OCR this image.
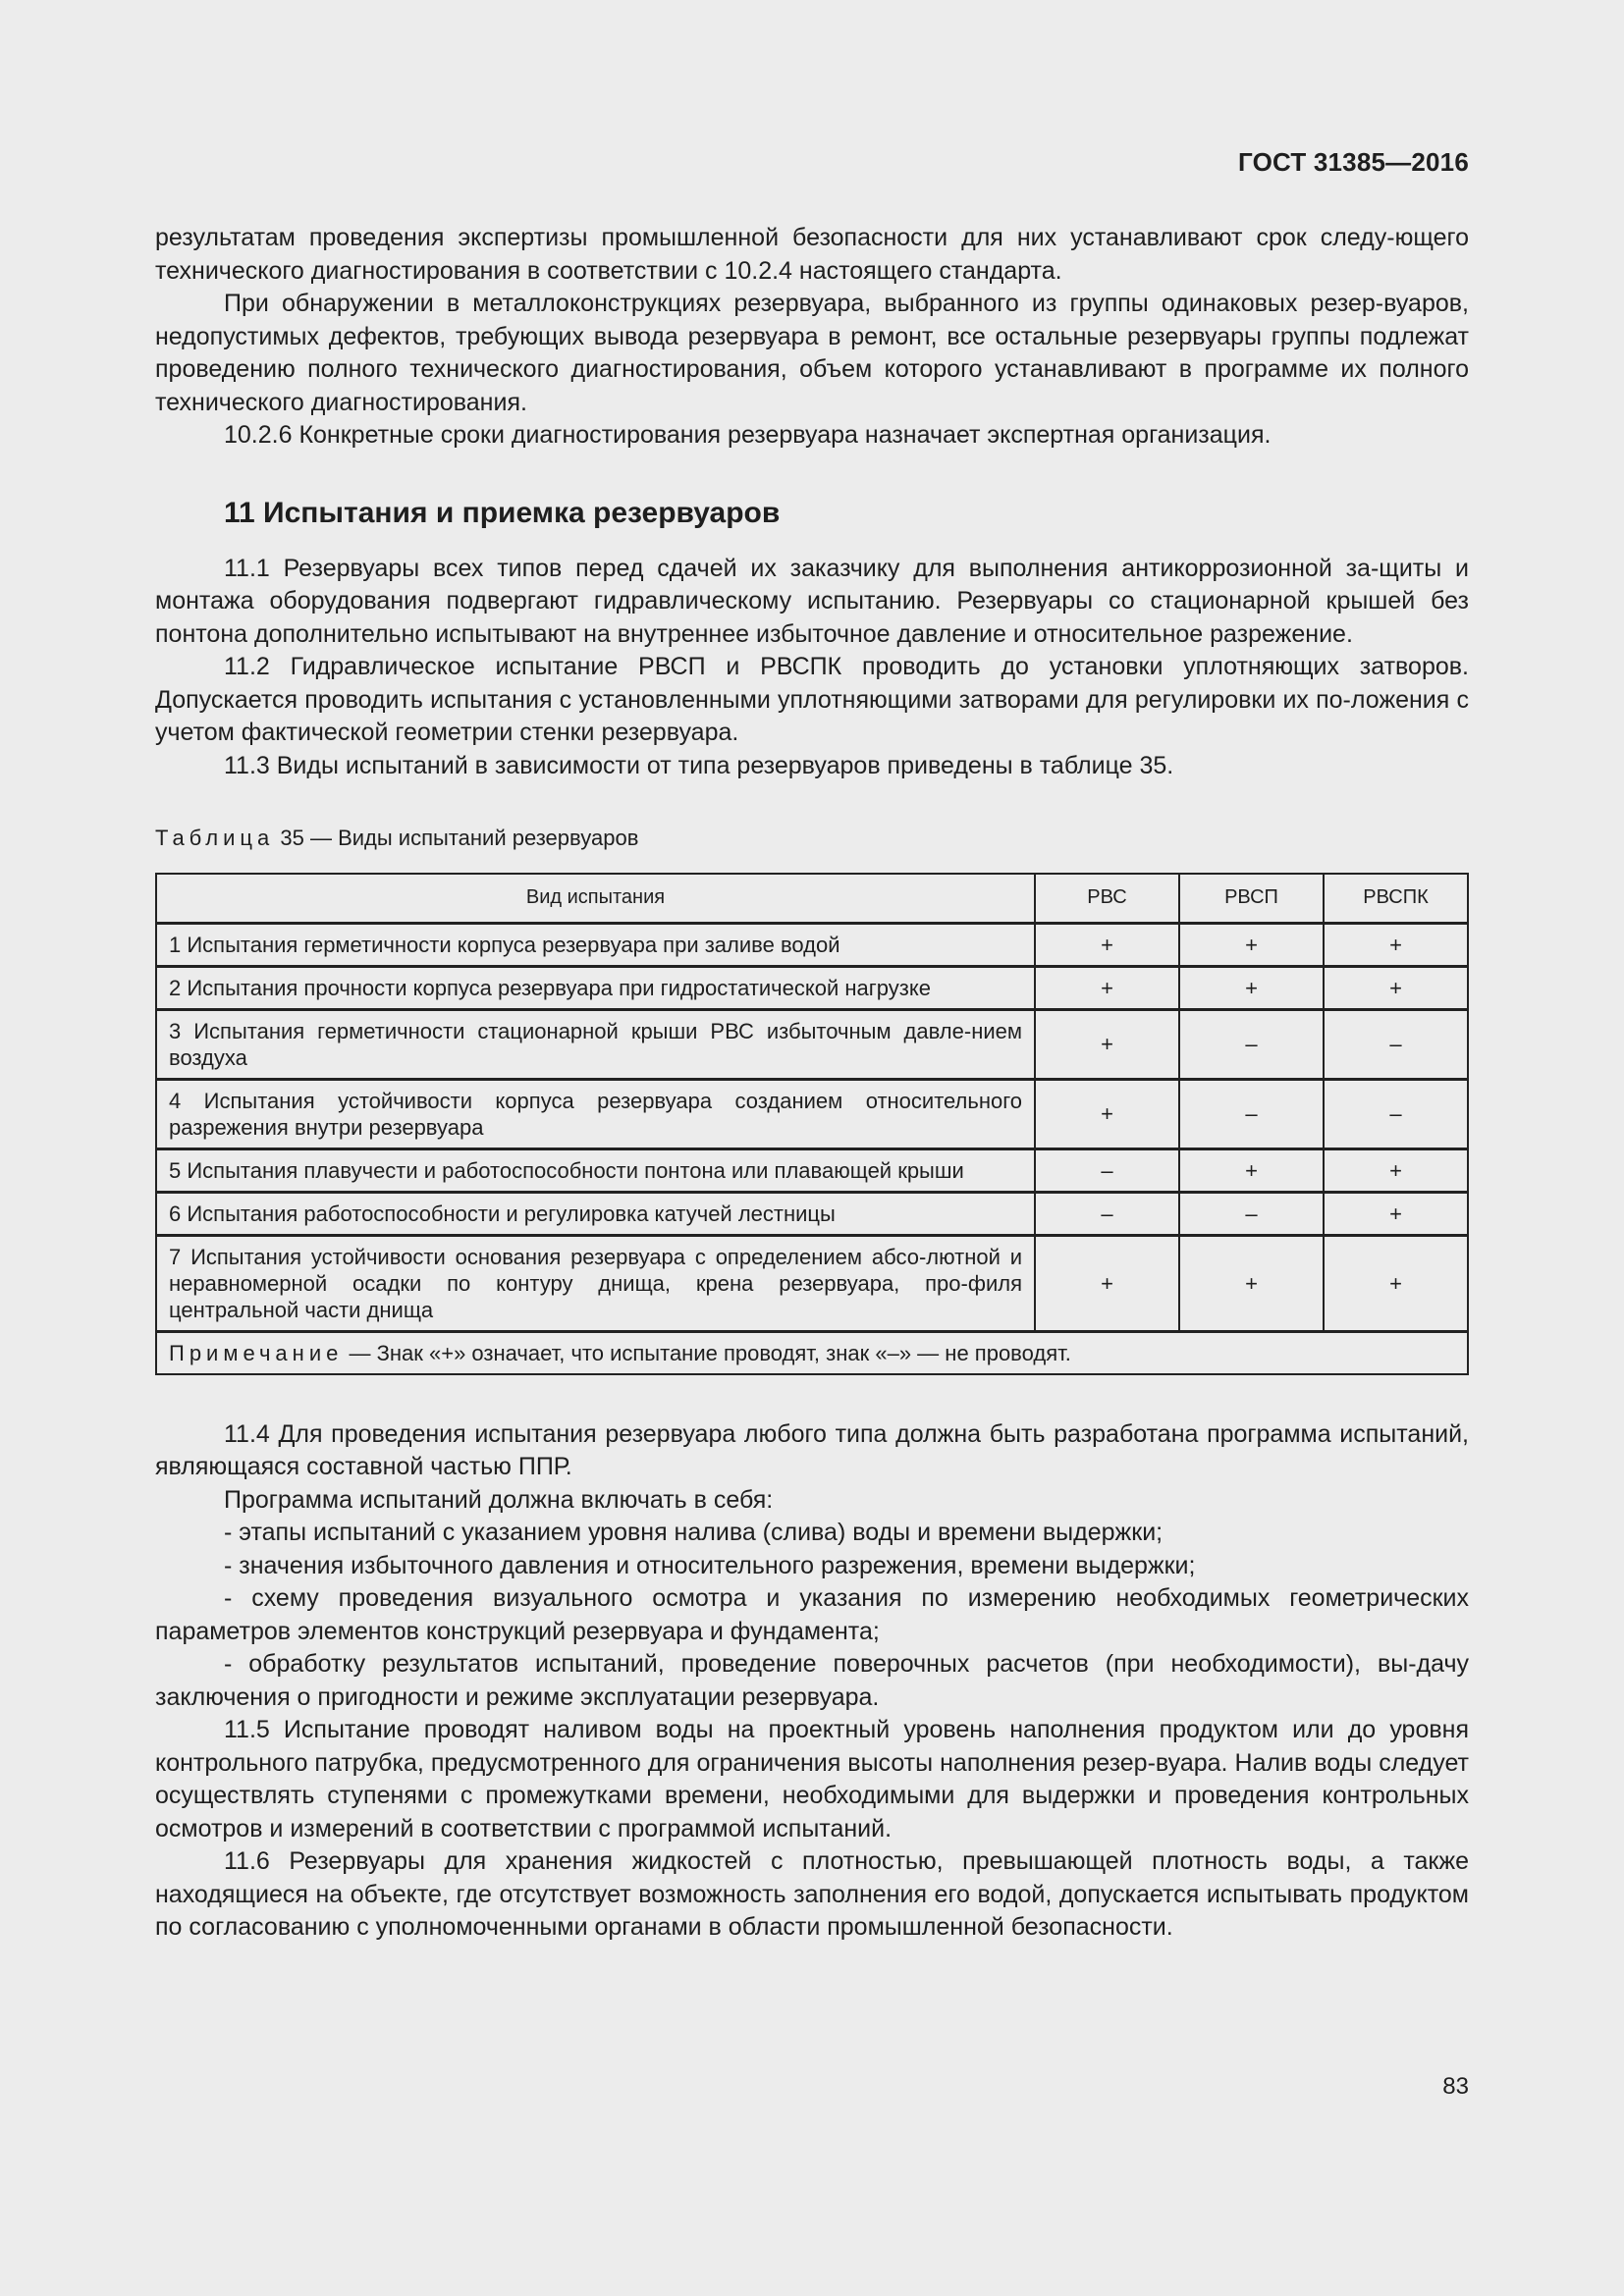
ГОСТ 31385—2016

результатам проведения экспертизы промышленной безопасности для них устанавливают срок следу-ющего технического диагностирования в соответствии с 10.2.4 настоящего стандарта.

При обнаружении в металлоконструкциях резервуара, выбранного из группы одинаковых резер-вуаров, недопустимых дефектов, требующих вывода резервуара в ремонт, все остальные резервуары группы подлежат проведению полного технического диагностирования, объем которого устанавливают в программе их полного технического диагностирования.

10.2.6 Конкретные сроки диагностирования резервуара назначает экспертная организация.

11 Испытания и приемка резервуаров

11.1 Резервуары всех типов перед сдачей их заказчику для выполнения антикоррозионной за-щиты и монтажа оборудования подвергают гидравлическому испытанию. Резервуары со стационарной крышей без понтона дополнительно испытывают на внутреннее избыточное давление и относительное разрежение.

11.2 Гидравлическое испытание РВСП и РВСПК проводить до установки уплотняющих затворов. Допускается проводить испытания с установленными уплотняющими затворами для регулировки их по-ложения с учетом фактической геометрии стенки резервуара.

11.3 Виды испытаний в зависимости от типа резервуаров приведены в таблице 35.

Таблица 35 — Виды испытаний резервуаров
Вид испытания	РВС	РВСП	РВСПК
1 Испытания герметичности корпуса резервуара при заливе водой	+	+	+
2 Испытания прочности корпуса резервуара при гидростатической нагрузке	+	+	+
3 Испытания герметичности стационарной крыши РВС избыточным давле-нием воздуха	+	–	–
4 Испытания устойчивости корпуса резервуара созданием относительного разрежения внутри резервуара	+	–	–
5 Испытания плавучести и работоспособности понтона или плавающей крыши	–	+	+
6 Испытания работоспособности и регулировка катучей лестницы	–	–	+
7 Испытания устойчивости основания резервуара с определением абсо-лютной и неравномерной осадки по контуру днища, крена резервуара, про-филя центральной части днища	+	+	+
Примечание — Знак «+» означает, что испытание проводят, знак «–» — не проводят.			

11.4 Для проведения испытания резервуара любого типа должна быть разработана программа испытаний, являющаяся составной частью ППР.

Программа испытаний должна включать в себя:

- этапы испытаний с указанием уровня налива (слива) воды и времени выдержки;

- значения избыточного давления и относительного разрежения, времени выдержки;

- схему проведения визуального осмотра и указания по измерению необходимых геометрических параметров элементов конструкций резервуара и фундамента;

- обработку результатов испытаний, проведение поверочных расчетов (при необходимости), вы-дачу заключения о пригодности и режиме эксплуатации резервуара.

11.5 Испытание проводят наливом воды на проектный уровень наполнения продуктом или до уровня контрольного патрубка, предусмотренного для ограничения высоты наполнения резер-вуара. Налив воды следует осуществлять ступенями с промежутками времени, необходимыми для выдержки и проведения контрольных осмотров и измерений в соответствии с программой испытаний.

11.6 Резервуары для хранения жидкостей с плотностью, превышающей плотность воды, а также находящиеся на объекте, где отсутствует возможность заполнения его водой, допускается испытывать продуктом по согласованию с уполномоченными органами в области промышленной безопасности.

83
